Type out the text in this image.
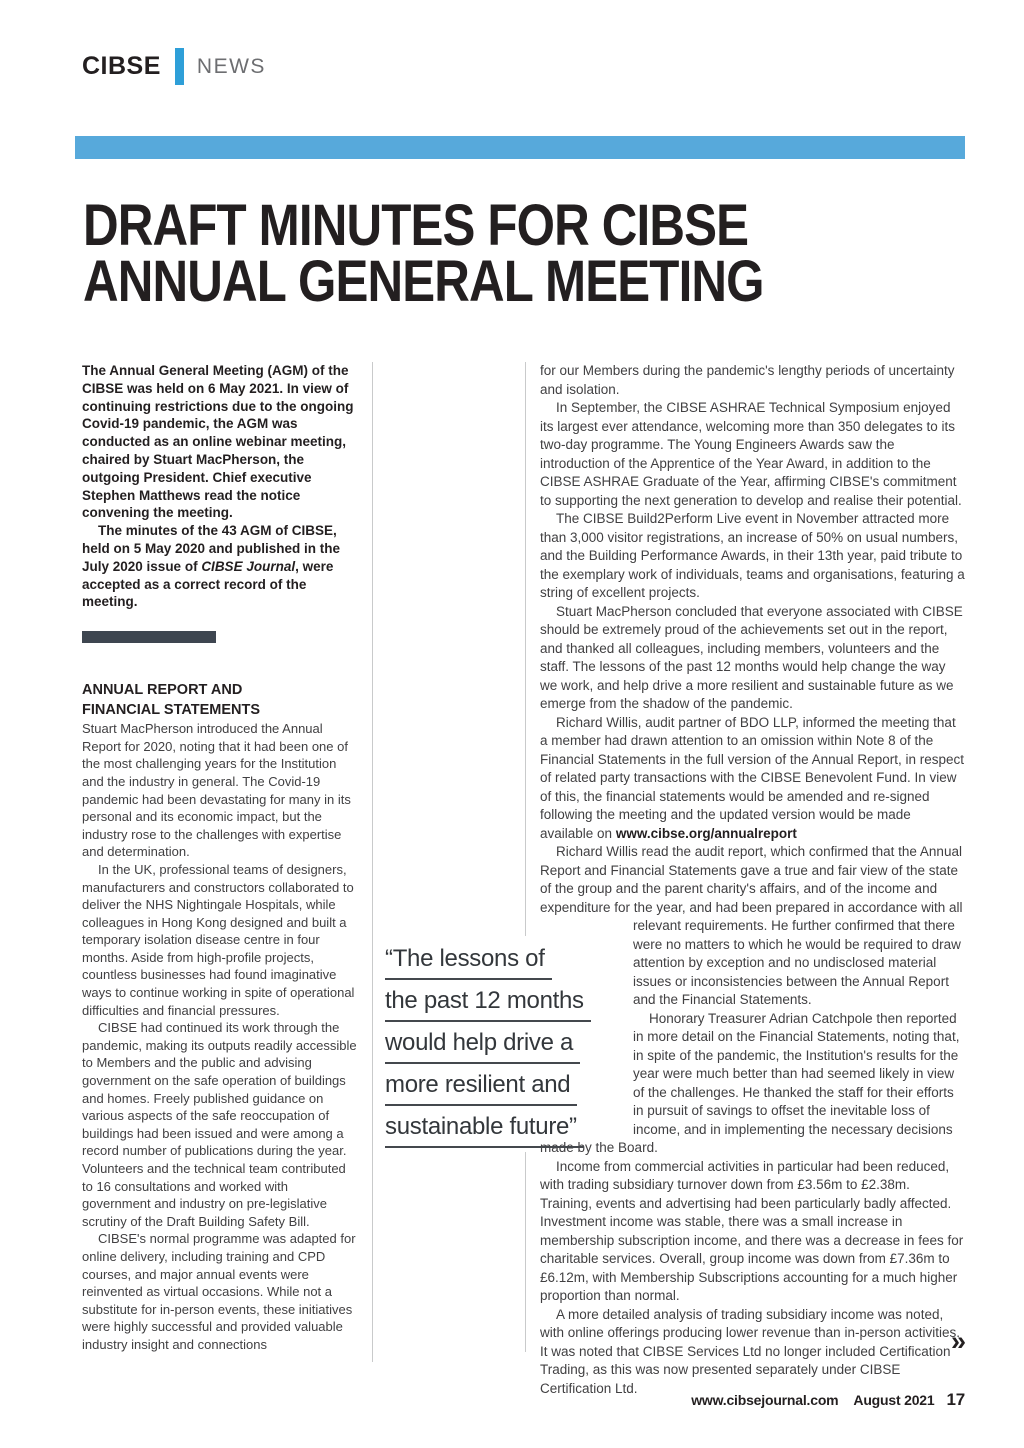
CIBSE NEWS
DRAFT MINUTES FOR CIBSE
ANNUAL GENERAL MEETING

The Annual General Meeting (AGM) of the CIBSE was held on 6 May 2021. In view of continuing restrictions due to the ongoing Covid-19 pandemic, the AGM was conducted as an online webinar meeting, chaired by Stuart MacPherson, the outgoing President. Chief executive Stephen Matthews read the notice convening the meeting.

The minutes of the 43 AGM of CIBSE, held on 5 May 2020 and published in the July 2020 issue of CIBSE Journal, were accepted as a correct record of the meeting.

ANNUAL REPORT AND
FINANCIAL STATEMENTS

Stuart MacPherson introduced the Annual Report for 2020, noting that it had been one of the most challenging years for the Institution and the industry in general. The Covid-19 pandemic had been devastating for many in its personal and its economic impact, but the industry rose to the challenges with expertise and determination.

In the UK, professional teams of designers, manufacturers and constructors collaborated to deliver the NHS Nightingale Hospitals, while colleagues in Hong Kong designed and built a temporary isolation disease centre in four months. Aside from high-profile projects, countless businesses had found imaginative ways to continue working in spite of operational difficulties and financial pressures.

CIBSE had continued its work through the pandemic, making its outputs readily accessible to Members and the public and advising government on the safe operation of buildings and homes. Freely published guidance on various aspects of the safe reoccupation of buildings had been issued and were among a record number of publications during the year. Volunteers and the technical team contributed to 16 consultations and worked with government and industry on pre-legislative scrutiny of the Draft Building Safety Bill.

CIBSE's normal programme was adapted for online delivery, including training and CPD courses, and major annual events were reinvented as virtual occasions. While not a substitute for in-person events, these initiatives were highly successful and provided valuable industry insight and connections

for our Members during the pandemic's lengthy periods of uncertainty and isolation.

In September, the CIBSE ASHRAE Technical Symposium enjoyed its largest ever attendance, welcoming more than 350 delegates to its two-day programme. The Young Engineers Awards saw the introduction of the Apprentice of the Year Award, in addition to the CIBSE ASHRAE Graduate of the Year, affirming CIBSE's commitment to supporting the next generation to develop and realise their potential.

The CIBSE Build2Perform Live event in November attracted more than 3,000 visitor registrations, an increase of 50% on usual numbers, and the Building Performance Awards, in their 13th year, paid tribute to the exemplary work of individuals, teams and organisations, featuring a string of excellent projects.

Stuart MacPherson concluded that everyone associated with CIBSE should be extremely proud of the achievements set out in the report, and thanked all colleagues, including members, volunteers and the staff. The lessons of the past 12 months would help change the way we work, and help drive a more resilient and sustainable future as we emerge from the shadow of the pandemic.

Richard Willis, audit partner of BDO LLP, informed the meeting that a member had drawn attention to an omission within Note 8 of the Financial Statements in the full version of the Annual Report, in respect of related party transactions with the CIBSE Benevolent Fund. In view of this, the financial statements would be amended and re-signed following the meeting and the updated version would be made available on www.cibse.org/annualreport

Richard Willis read the audit report, which confirmed that the Annual Report and Financial Statements gave a true and fair view of the state of the group and the parent charity's affairs, and of the income and expenditure for the year, and had been prepared in accordance with all

relevant requirements. He further confirmed that there were no matters to which he would be required to draw attention by exception and no undisclosed material issues or inconsistencies between the Annual Report and the Financial Statements.

Honorary Treasurer Adrian Catchpole then reported in more detail on the Financial Statements, noting that, in spite of the pandemic, the Institution's results for the year were much better than had seemed likely in view of the challenges. He thanked the staff for their efforts in pursuit of savings to offset the inevitable loss of income, and in implementing the necessary decisions made by the Board.

Income from commercial activities in particular had been reduced, with trading subsidiary turnover down from £3.56m to £2.38m. Training, events and advertising had been particularly badly affected. Investment income was stable, there was a small increase in membership subscription income, and there was a decrease in fees for charitable services. Overall, group income was down from £7.36m to £6.12m, with Membership Subscriptions accounting for a much higher proportion than normal.

A more detailed analysis of trading subsidiary income was noted, with online offerings producing lower revenue than in-person activities. It was noted that CIBSE Services Ltd no longer included Certification Trading, as this was now presented separately under CIBSE Certification Ltd.

“The lessons of
the past 12 months
would help drive a
more resilient and
sustainable future”
»
www.cibsejournal.com August 2021 17
